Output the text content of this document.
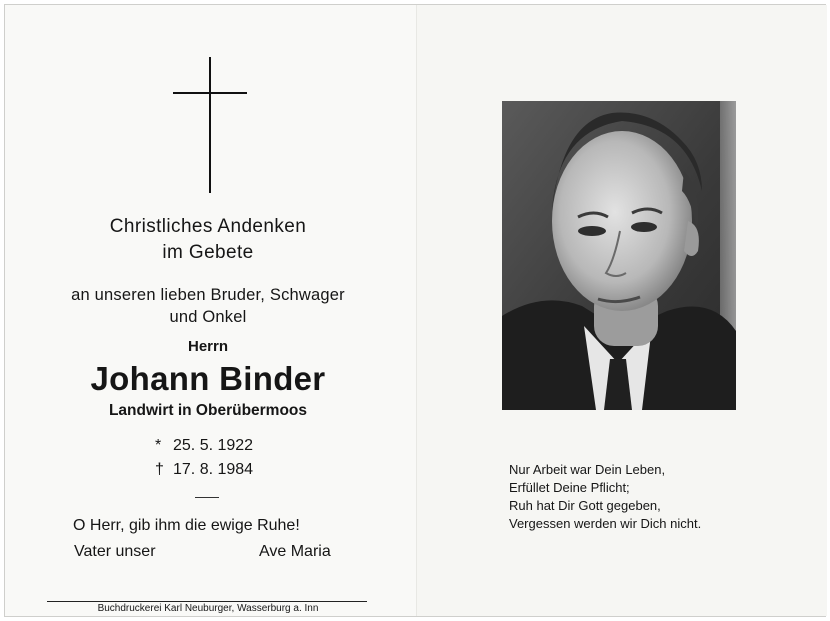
Christliches Andenken
im Gebete
an unseren lieben Bruder, Schwager
und Onkel
Herrn
Johann Binder
Landwirt in Oberübermoos
* 25. 5. 1922
† 17. 8. 1984
O Herr, gib ihm die ewige Ruhe!
Vater unser	Ave Maria
Buchdruckerei Karl Neuburger, Wasserburg a. Inn
Nur Arbeit war Dein Leben,
Erfüllet Deine Pflicht;
Ruh hat Dir Gott gegeben,
Vergessen werden wir Dich nicht.
